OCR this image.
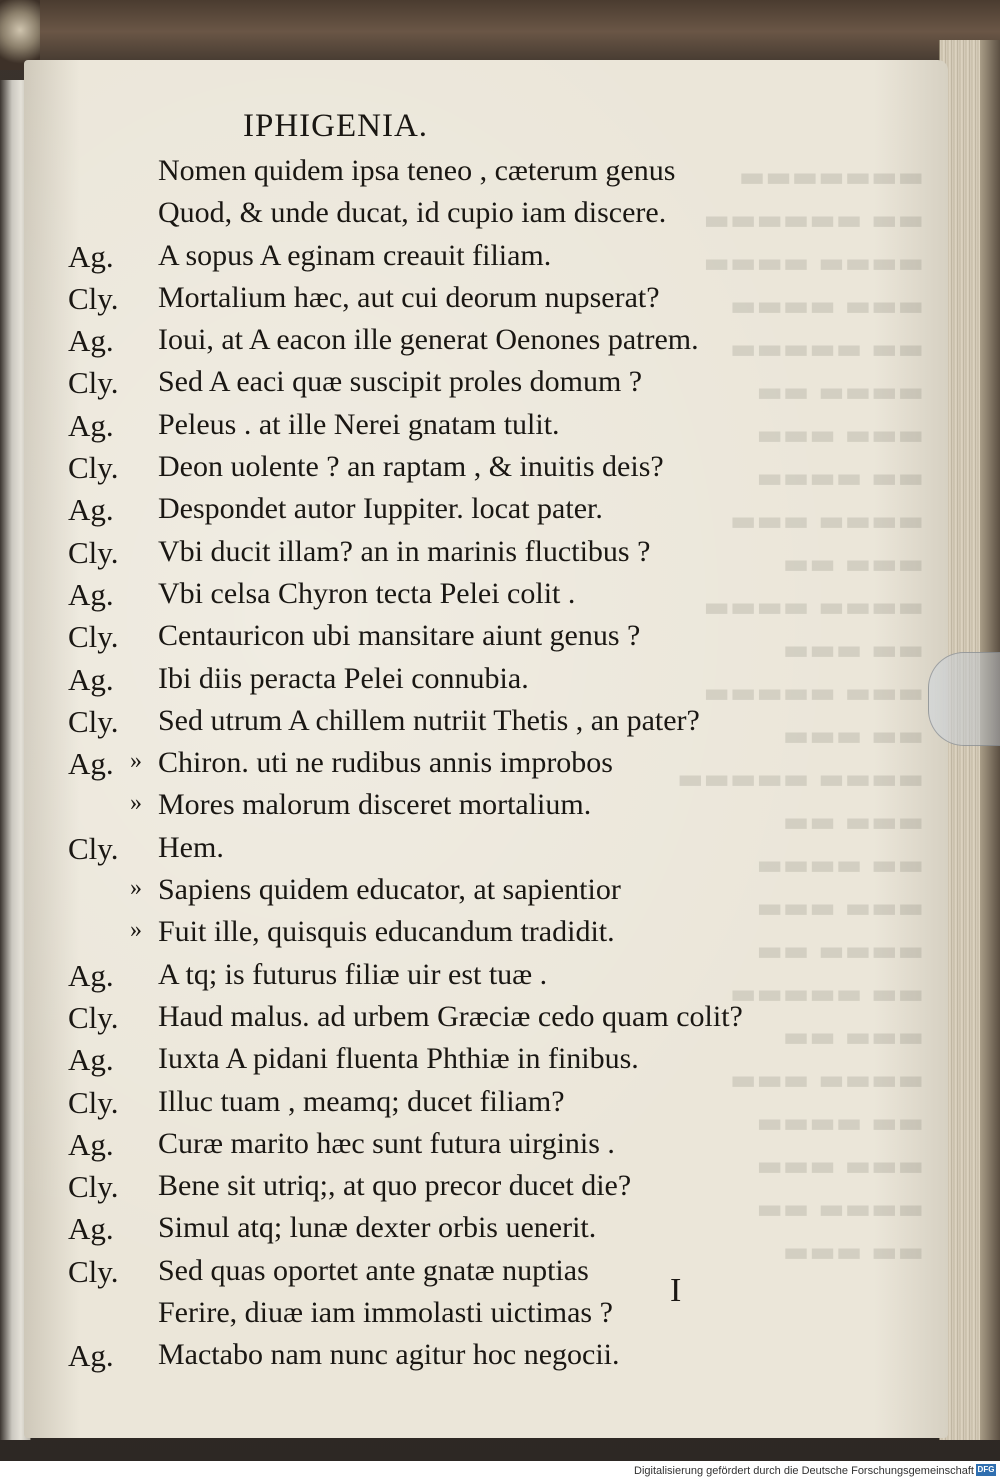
▬▬▬▬▬▬▬
▬▬ ▬▬▬▬▬▬
▬▬▬▬ ▬▬▬▬
▬▬▬ ▬▬▬▬
▬▬ ▬▬▬▬▬
▬▬▬▬ ▬▬
▬▬▬ ▬▬▬
▬▬ ▬▬▬▬
▬▬▬▬ ▬▬▬
▬▬▬ ▬▬
▬▬▬▬ ▬▬▬▬
▬▬ ▬▬▬
▬▬▬ ▬▬▬▬▬
▬▬ ▬▬▬
▬▬▬▬ ▬▬▬▬▬
▬▬▬ ▬▬
▬▬ ▬▬▬▬
▬▬▬ ▬▬▬
▬▬▬▬ ▬▬
▬▬ ▬▬▬▬▬
▬▬▬ ▬▬
▬▬▬▬ ▬▬▬
▬▬ ▬▬▬▬
▬▬▬ ▬▬▬
▬▬▬▬ ▬▬
▬▬ ▬▬▬
IPHIGENIA.
Nomen quidem ipsa teneo , cæterum genus
Quod, & unde ducat, id cupio iam discere.
Ag.	A sopus A eginam creauit filiam.
Cly.	Mortalium hæc, aut cui deorum nupserat?
Ag.	Ioui, at A eacon ille generat Oenones patrem.
Cly.	Sed A eaci quæ suscipit proles domum ?
Ag.	Peleus . at ille Nerei gnatam tulit.
Cly.	Deon uolente ? an raptam , & inuitis deis?
Ag.	Despondet autor Iuppiter. locat pater.
Cly.	Vbi ducit illam? an in marinis fluctibus ?
Ag.	Vbi celsa Chyron tecta Pelei colit .
Cly.	Centauricon ubi mansitare aiunt genus ?
Ag.	Ibi diis peracta Pelei connubia.
Cly.	Sed utrum A chillem nutriit Thetis , an pater?
Ag. » Chiron. uti ne rudibus annis improbos
» Mores malorum disceret mortalium.
Cly.	Hem.
» Sapiens quidem educator, at sapientior
» Fuit ille, quisquis educandum tradidit.
Ag.	A tq; is futurus filiæ uir est tuæ .
Cly.	Haud malus. ad urbem Græciæ cedo quam colit?
Ag.	Iuxta A pidani fluenta Phthiæ in finibus.
Cly.	Illuc tuam , meamq; ducet filiam?
Ag.	Curæ marito hæc sunt futura uirginis .
Cly.	Bene sit utriq;, at quo precor ducet die?
Ag.	Simul atq; lunæ dexter orbis uenerit.
Cly.	Sed quas oportet ante gnatæ nuptias
Ferire, diuæ iam immolasti uictimas ?
Ag.	Mactabo nam nunc agitur hoc negocii.
I
Digitalisierung gefördert durch die Deutsche Forschungsgemeinschaft DFG
